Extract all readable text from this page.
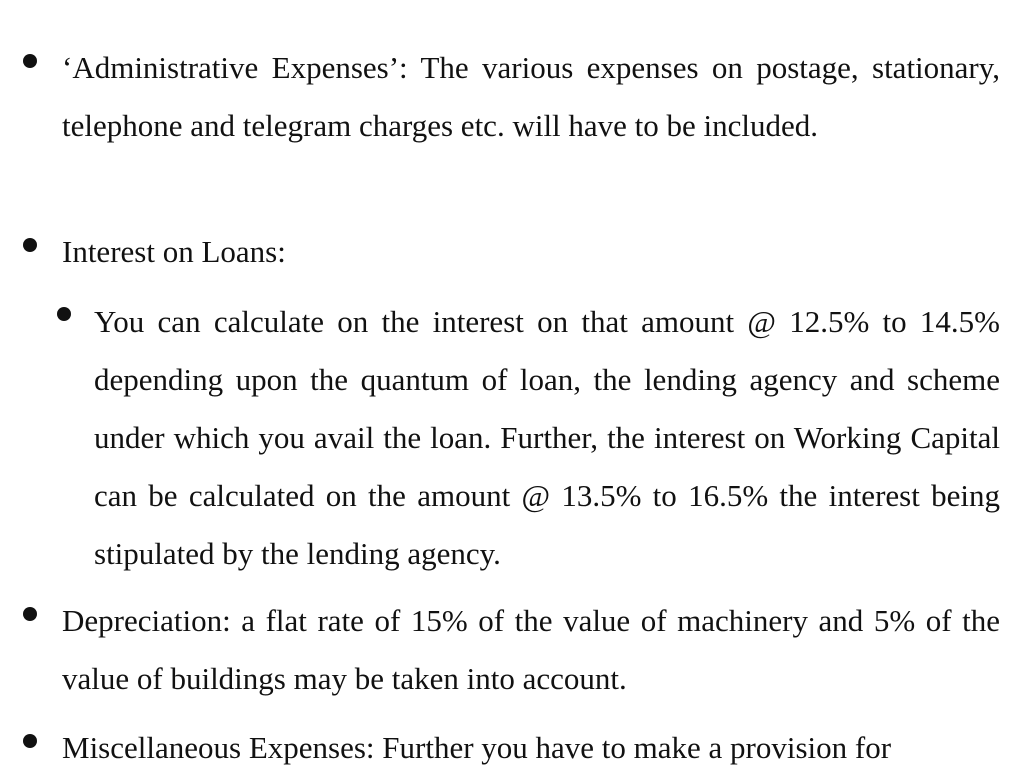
‘Administrative Expenses’: The various expenses on postage, stationary, telephone and telegram charges etc. will have to be included.

Interest on Loans:

You can calculate on the interest on that amount @ 12.5% to 14.5% depending upon the quantum of loan, the lending agency and scheme under which you avail the loan. Further, the interest on Working Capital can be calculated on the amount @ 13.5% to 16.5% the interest being stipulated by the lending agency.

Depreciation: a flat rate of 15% of the value of machinery and 5% of the value of buildings may be taken into account.

Miscellaneous Expenses: Further you have to make a provision for
